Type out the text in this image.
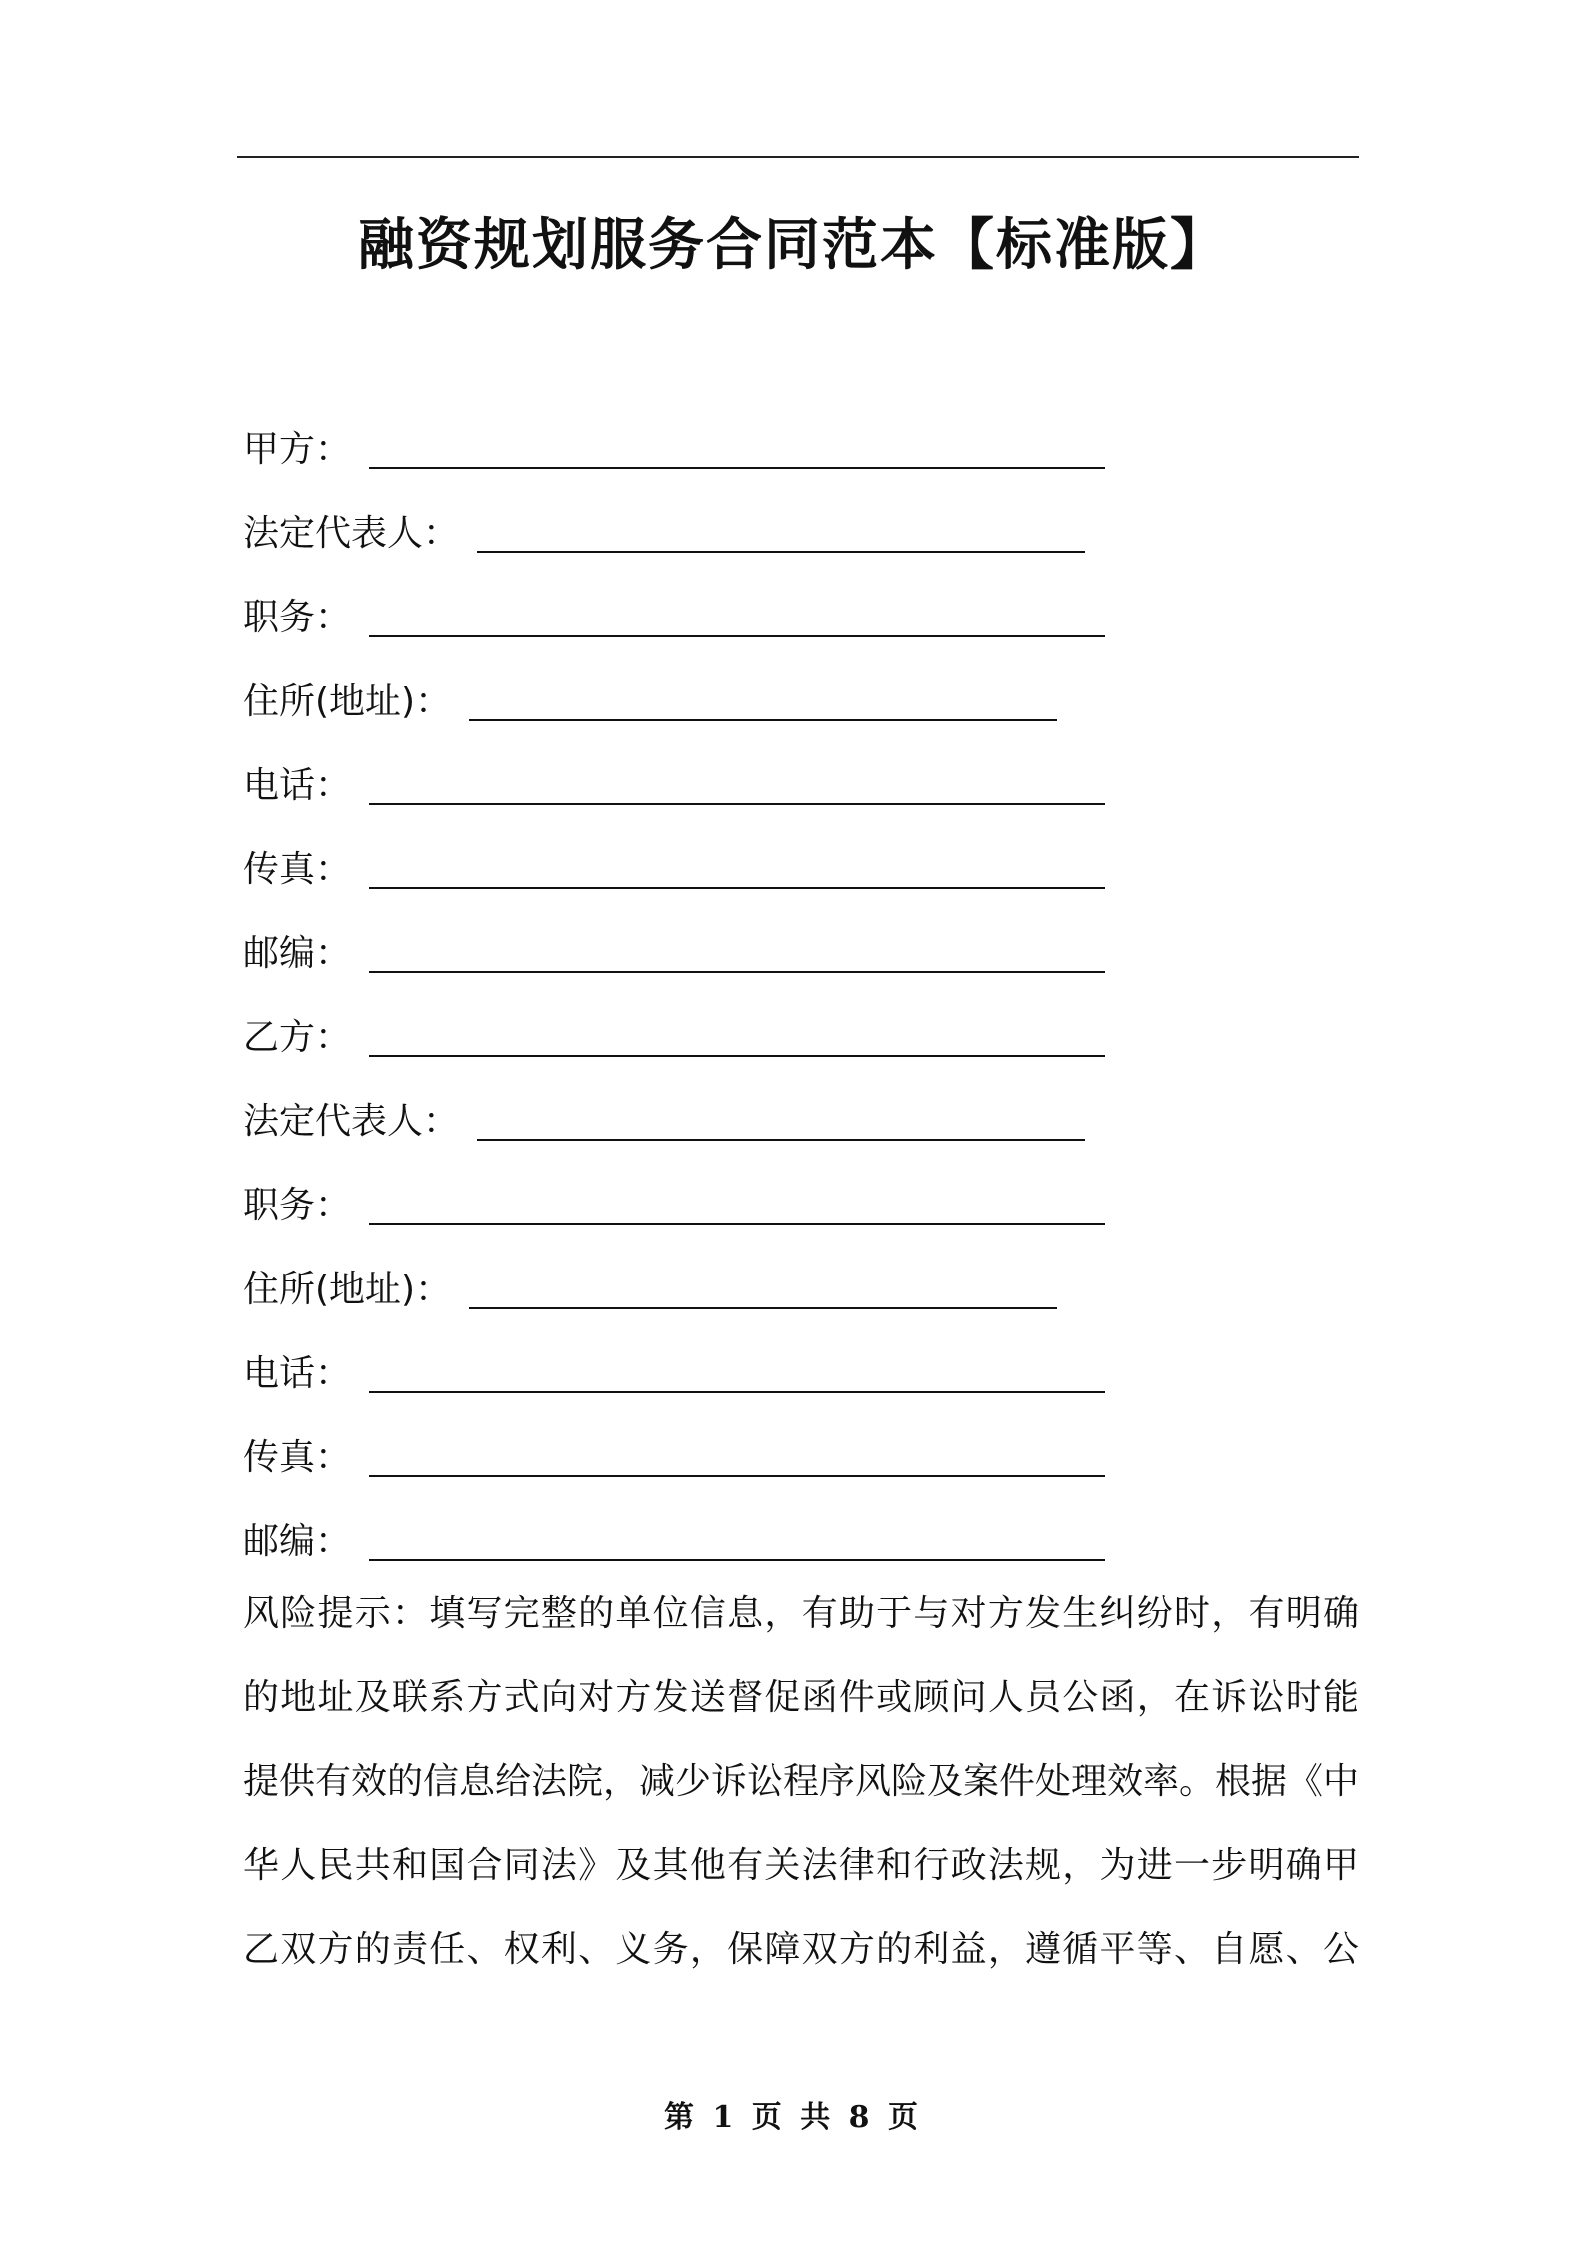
融资规划服务合同范本【标准版】
甲方：
法定代表人：
职务：
住所(地址)：
电话：
传真：
邮编：
乙方：
法定代表人：
职务：
住所(地址)：
电话：
传真：
邮编：
风险提示：填写完整的单位信息，有助于与对方发生纠纷时，有明确
的地址及联系方式向对方发送督促函件或顾问人员公函，在诉讼时能
提供有效的信息给法院，减少诉讼程序风险及案件处理效率。根据《中
华人民共和国合同法》及其他有关法律和行政法规，为进一步明确甲
乙双方的责任、权利、义务，保障双方的利益，遵循平等、自愿、公
第 1 页 共 8 页
